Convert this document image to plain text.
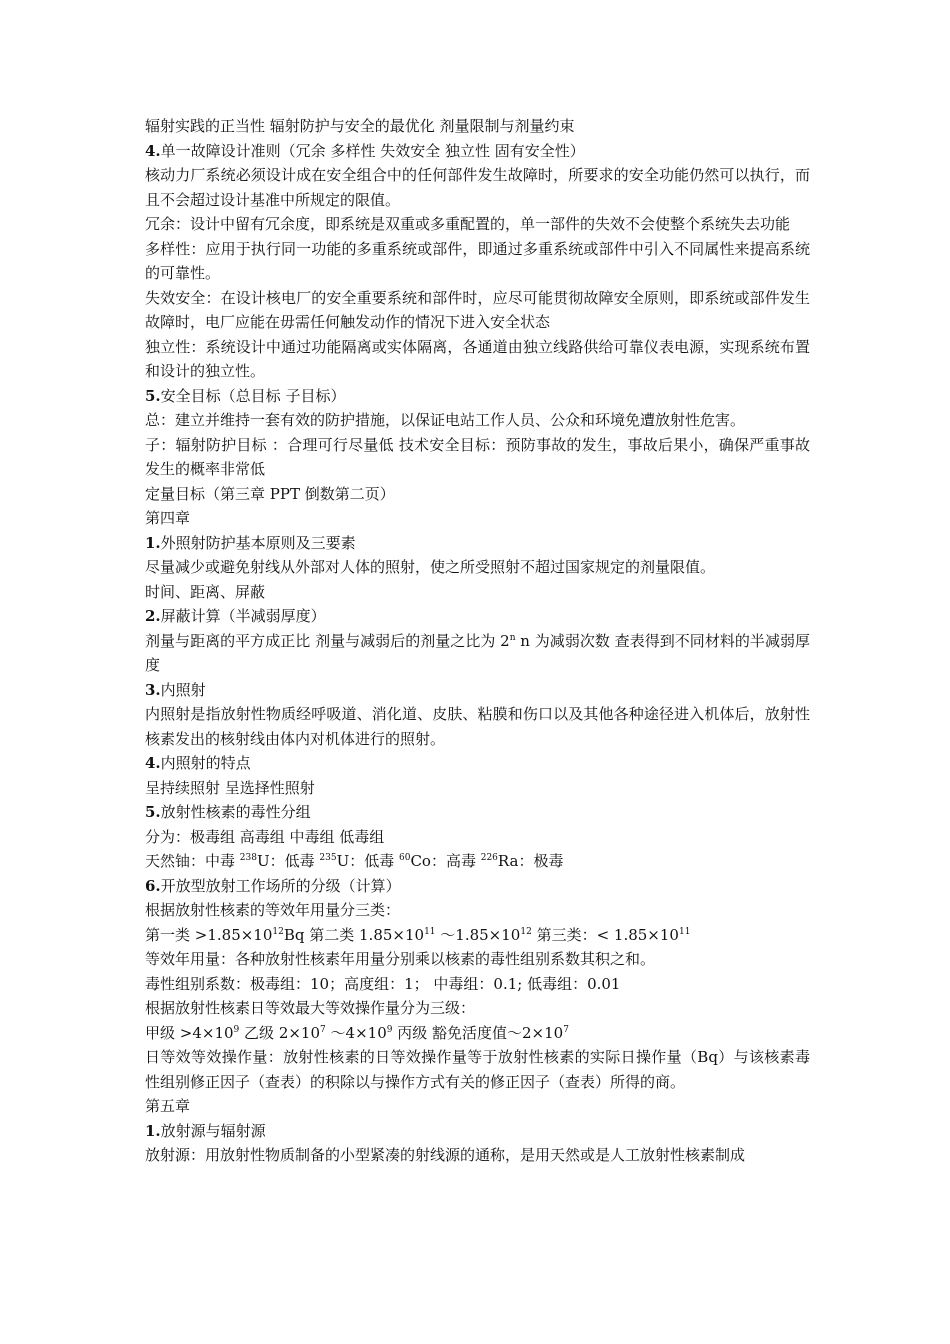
辐射实践的正当性 辐射防护与安全的最优化 剂量限制与剂量约束
4.单一故障设计准则（冗余 多样性 失效安全 独立性 固有安全性）
核动力厂系统必须设计成在安全组合中的任何部件发生故障时，所要求的安全功能仍然可以执行，而且不会超过设计基准中所规定的限值。
冗余：设计中留有冗余度，即系统是双重或多重配置的，单一部件的失效不会使整个系统失去功能
多样性：应用于执行同一功能的多重系统或部件，即通过多重系统或部件中引入不同属性来提高系统的可靠性。
失效安全：在设计核电厂的安全重要系统和部件时，应尽可能贯彻故障安全原则，即系统或部件发生故障时，电厂应能在毋需任何触发动作的情况下进入安全状态
独立性：系统设计中通过功能隔离或实体隔离，各通道由独立线路供给可靠仪表电源，实现系统布置和设计的独立性。
5.安全目标（总目标 子目标）
总：建立并维持一套有效的防护措施，以保证电站工作人员、公众和环境免遭放射性危害。
子：辐射防护目标 ：合理可行尽量低 技术安全目标：预防事故的发生，事故后果小，确保严重事故发生的概率非常低
定量目标（第三章 PPT 倒数第二页）
第四章
1.外照射防护基本原则及三要素
尽量减少或避免射线从外部对人体的照射，使之所受照射不超过国家规定的剂量限值。
时间、距离、屏蔽
2.屏蔽计算（半减弱厚度）
剂量与距离的平方成正比 剂量与减弱后的剂量之比为 2$^n$ n 为减弱次数 查表得到不同材料的半减弱厚度
3.内照射
内照射是指放射性物质经呼吸道、消化道、皮肤、粘膜和伤口以及其他各种途径进入机体后，放射性核素发出的核射线由体内对机体进行的照射。
4.内照射的特点
呈持续照射 呈选择性照射
5.放射性核素的毒性分组
分为：极毒组 高毒组 中毒组 低毒组
天然铀：中毒 $^{238}$U：低毒 $^{235}$U：低毒 $^{60}$Co：高毒 $^{226}$Ra：极毒
6.开放型放射工作场所的分级（计算）
根据放射性核素的等效年用量分三类：
第一类 $>1.85\times 10^{12}Bq$ 第二类 $1.85\times 10^{11}$ $\sim 1.85\times 10^{12}$ 第三类：< $1.85\times 10^{11}$
等效年用量：各种放射性核素年用量分别乘以核素的毒性组别系数其积之和。
毒性组别系数：极毒组：10；高度组：1； 中毒组：0.1; 低毒组：0.01
根据放射性核素日等效最大等效操作量分为三级：
甲级 $>4\times 10^9$ 乙级 $2\times 10^7$ $\sim 4\times 10^9$ 丙级 豁免活度值$\sim 2\times 10^7$
日等效等效操作量：放射性核素的日等效操作量等于放射性核素的实际日操作量（Bq）与该核素毒性组别修正因子（查表）的积除以与操作方式有关的修正因子（查表）所得的商。
第五章
1.放射源与辐射源
放射源：用放射性物质制备的小型紧凑的射线源的通称，是用天然或是人工放射性核素制成
